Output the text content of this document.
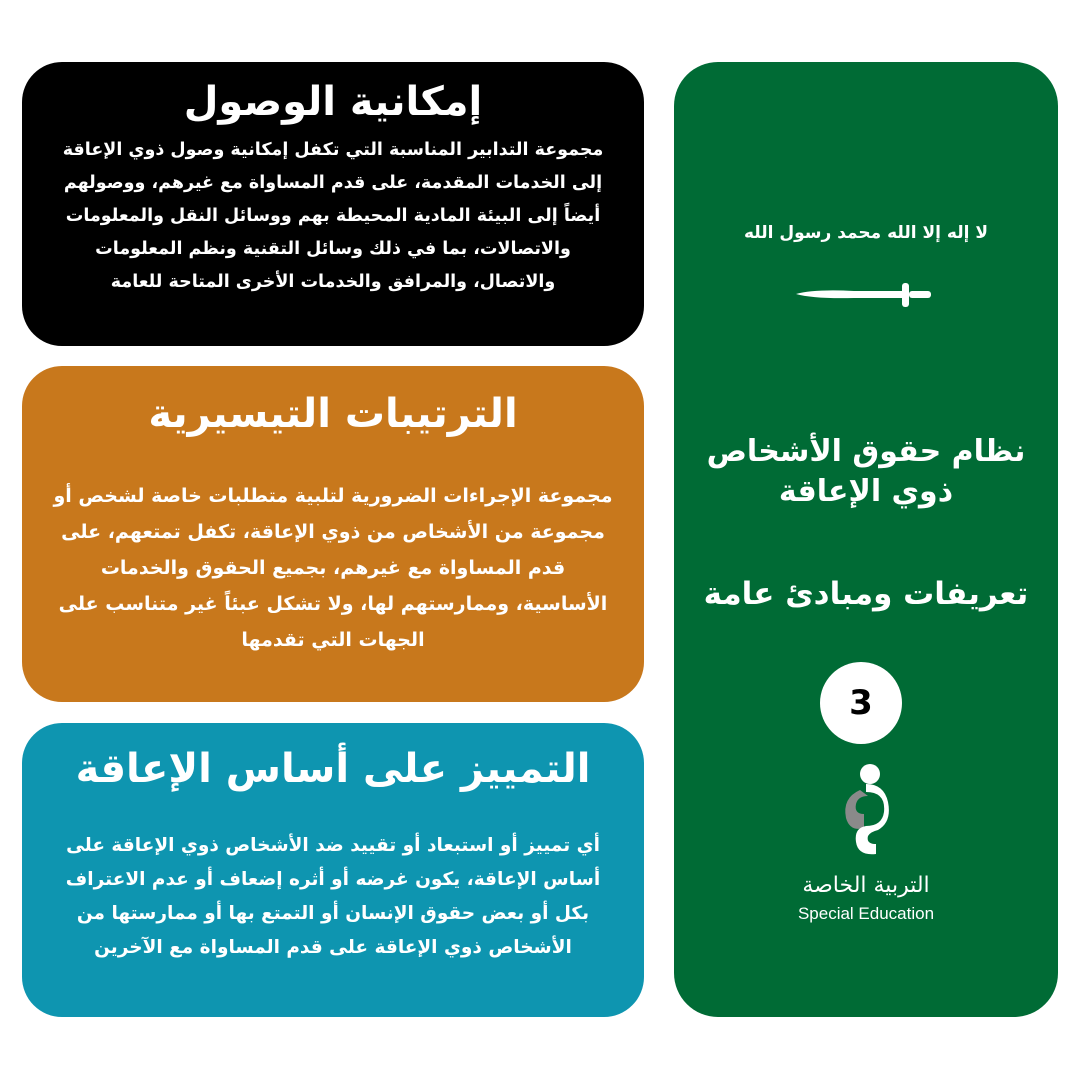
إمكانية الوصول

مجموعة التدابير المناسبة التي تكفل إمكانية وصول ذوي الإعاقة إلى الخدمات المقدمة، على قدم المساواة مع غيرهم، ووصولهم أيضاً إلى البيئة المادية المحيطة بهم ووسائل النقل والمعلومات والاتصالات، بما في ذلك وسائل التقنية ونظم المعلومات والاتصال، والمرافق والخدمات الأخرى المتاحة للعامة

الترتيبات التيسيرية

مجموعة الإجراءات الضرورية لتلبية متطلبات خاصة لشخص أو مجموعة من الأشخاص من ذوي الإعاقة، تكفل تمتعهم، على قدم المساواة مع غيرهم، بجميع الحقوق والخدمات الأساسية، وممارستهم لها، ولا تشكل عبئاً غير متناسب على الجهات التي تقدمها

التمييز على أساس الإعاقة

أي تمييز أو استبعاد أو تقييد ضد الأشخاص ذوي الإعاقة على أساس الإعاقة، يكون غرضه أو أثره إضعاف أو عدم الاعتراف بكل أو بعض حقوق الإنسان أو التمتع بها أو ممارستها من الأشخاص ذوي الإعاقة على قدم المساواة مع الآخرين

لا إله إلا الله محمد رسول الله
نظام حقوق الأشخاص ذوي الإعاقة
تعريفات ومبادئ عامة
3
التربية الخاصة
Special Education
